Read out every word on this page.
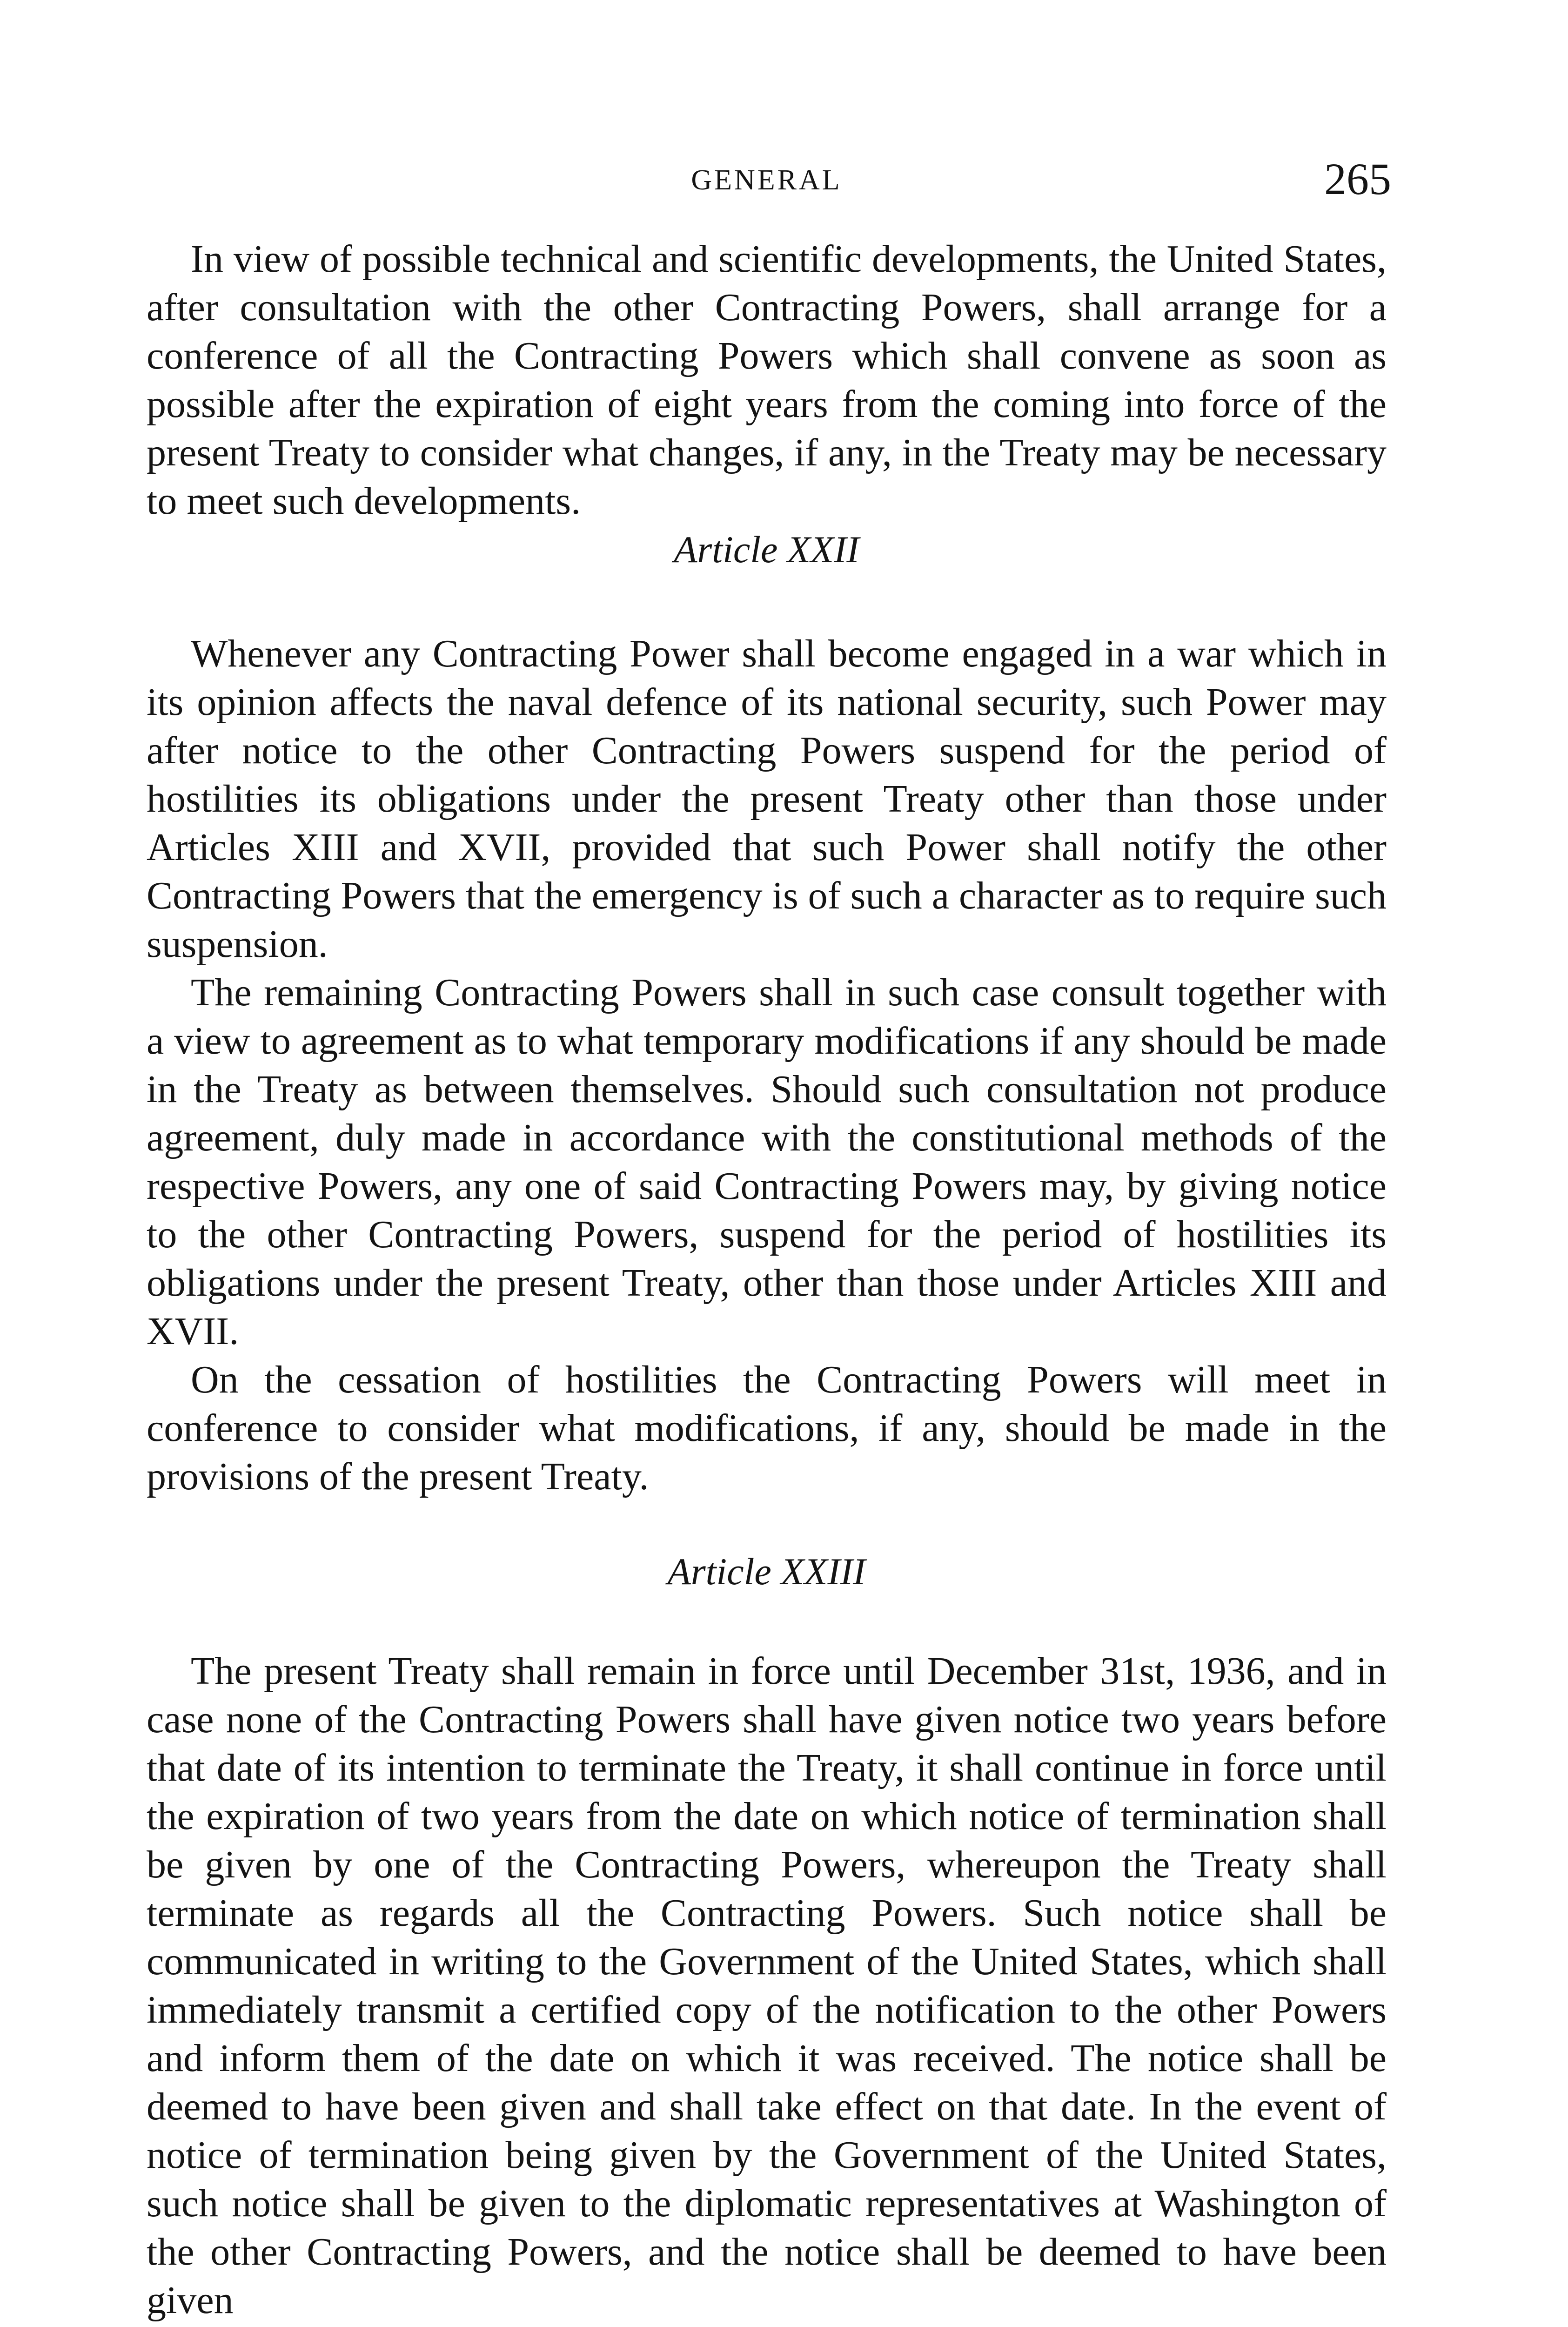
GENERAL	265

In view of possible technical and scientific developments, the United States, after consultation with the other Contracting Powers, shall arrange for a conference of all the Contracting Powers which shall convene as soon as possible after the expiration of eight years from the coming into force of the present Treaty to consider what changes, if any, in the Treaty may be necessary to meet such developments.

Article XXII

Whenever any Contracting Power shall become engaged in a war which in its opinion affects the naval defence of its national security, such Power may after notice to the other Contracting Powers suspend for the period of hostilities its obligations under the present Treaty other than those under Articles XIII and XVII, provided that such Power shall notify the other Contracting Powers that the emergency is of such a character as to require such suspension.

The remaining Contracting Powers shall in such case consult together with a view to agreement as to what temporary modifications if any should be made in the Treaty as between themselves. Should such consultation not produce agreement, duly made in accordance with the constitutional methods of the respective Powers, any one of said Contracting Powers may, by giving notice to the other Contracting Powers, suspend for the period of hostilities its obligations under the present Treaty, other than those under Articles XIII and XVII.

On the cessation of hostilities the Contracting Powers will meet in conference to consider what modifications, if any, should be made in the provisions of the present Treaty.

Article XXIII

The present Treaty shall remain in force until December 31st, 1936, and in case none of the Contracting Powers shall have given notice two years before that date of its intention to terminate the Treaty, it shall continue in force until the expiration of two years from the date on which notice of termination shall be given by one of the Contracting Powers, whereupon the Treaty shall terminate as regards all the Contracting Powers. Such notice shall be communicated in writing to the Government of the United States, which shall immediately transmit a certified copy of the notification to the other Powers and inform them of the date on which it was received. The notice shall be deemed to have been given and shall take effect on that date. In the event of notice of termination being given by the Government of the United States, such notice shall be given to the diplomatic representatives at Washington of the other Contracting Powers, and the notice shall be deemed to have been given
